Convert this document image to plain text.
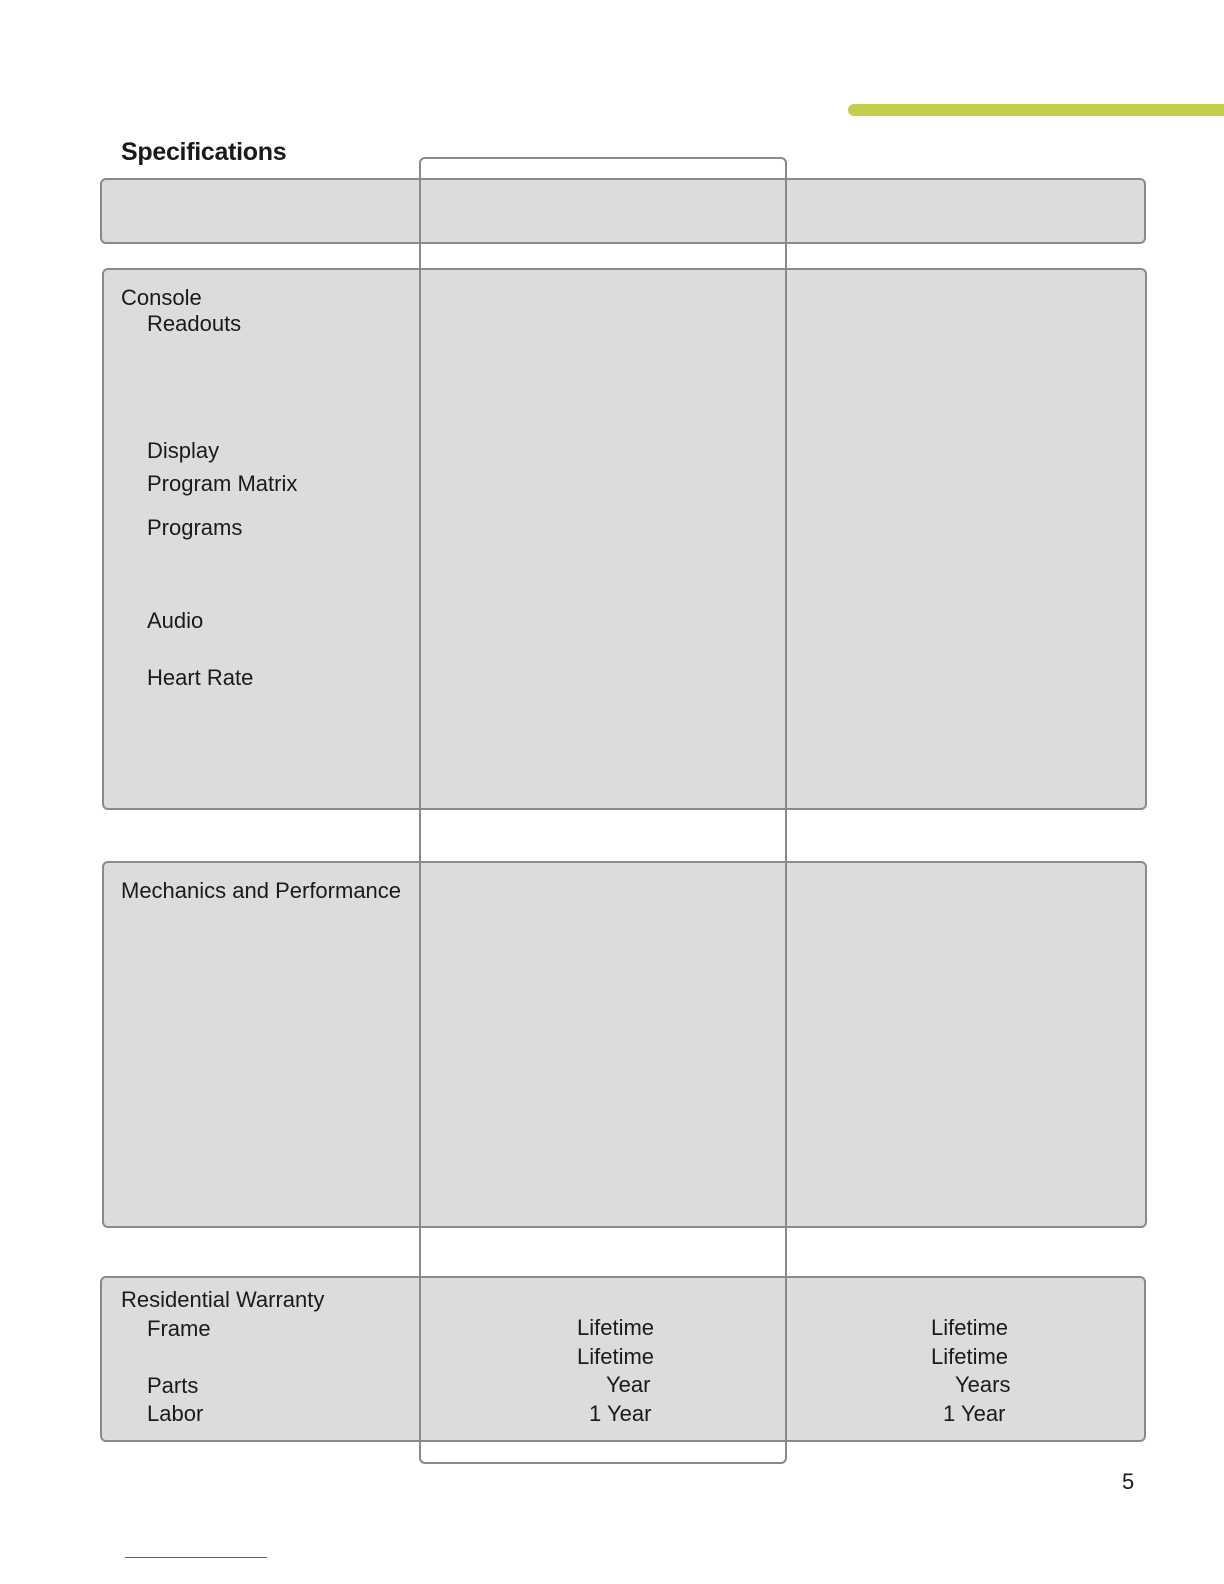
Specifications
Console
Readouts
Display
Program Matrix
Programs
Audio
Heart Rate
Mechanics and Performance
Residential Warranty
Frame
Parts
Labor
Lifetime
Lifetime
Year
1 Year
Lifetime
Lifetime
Years
1 Year
5
